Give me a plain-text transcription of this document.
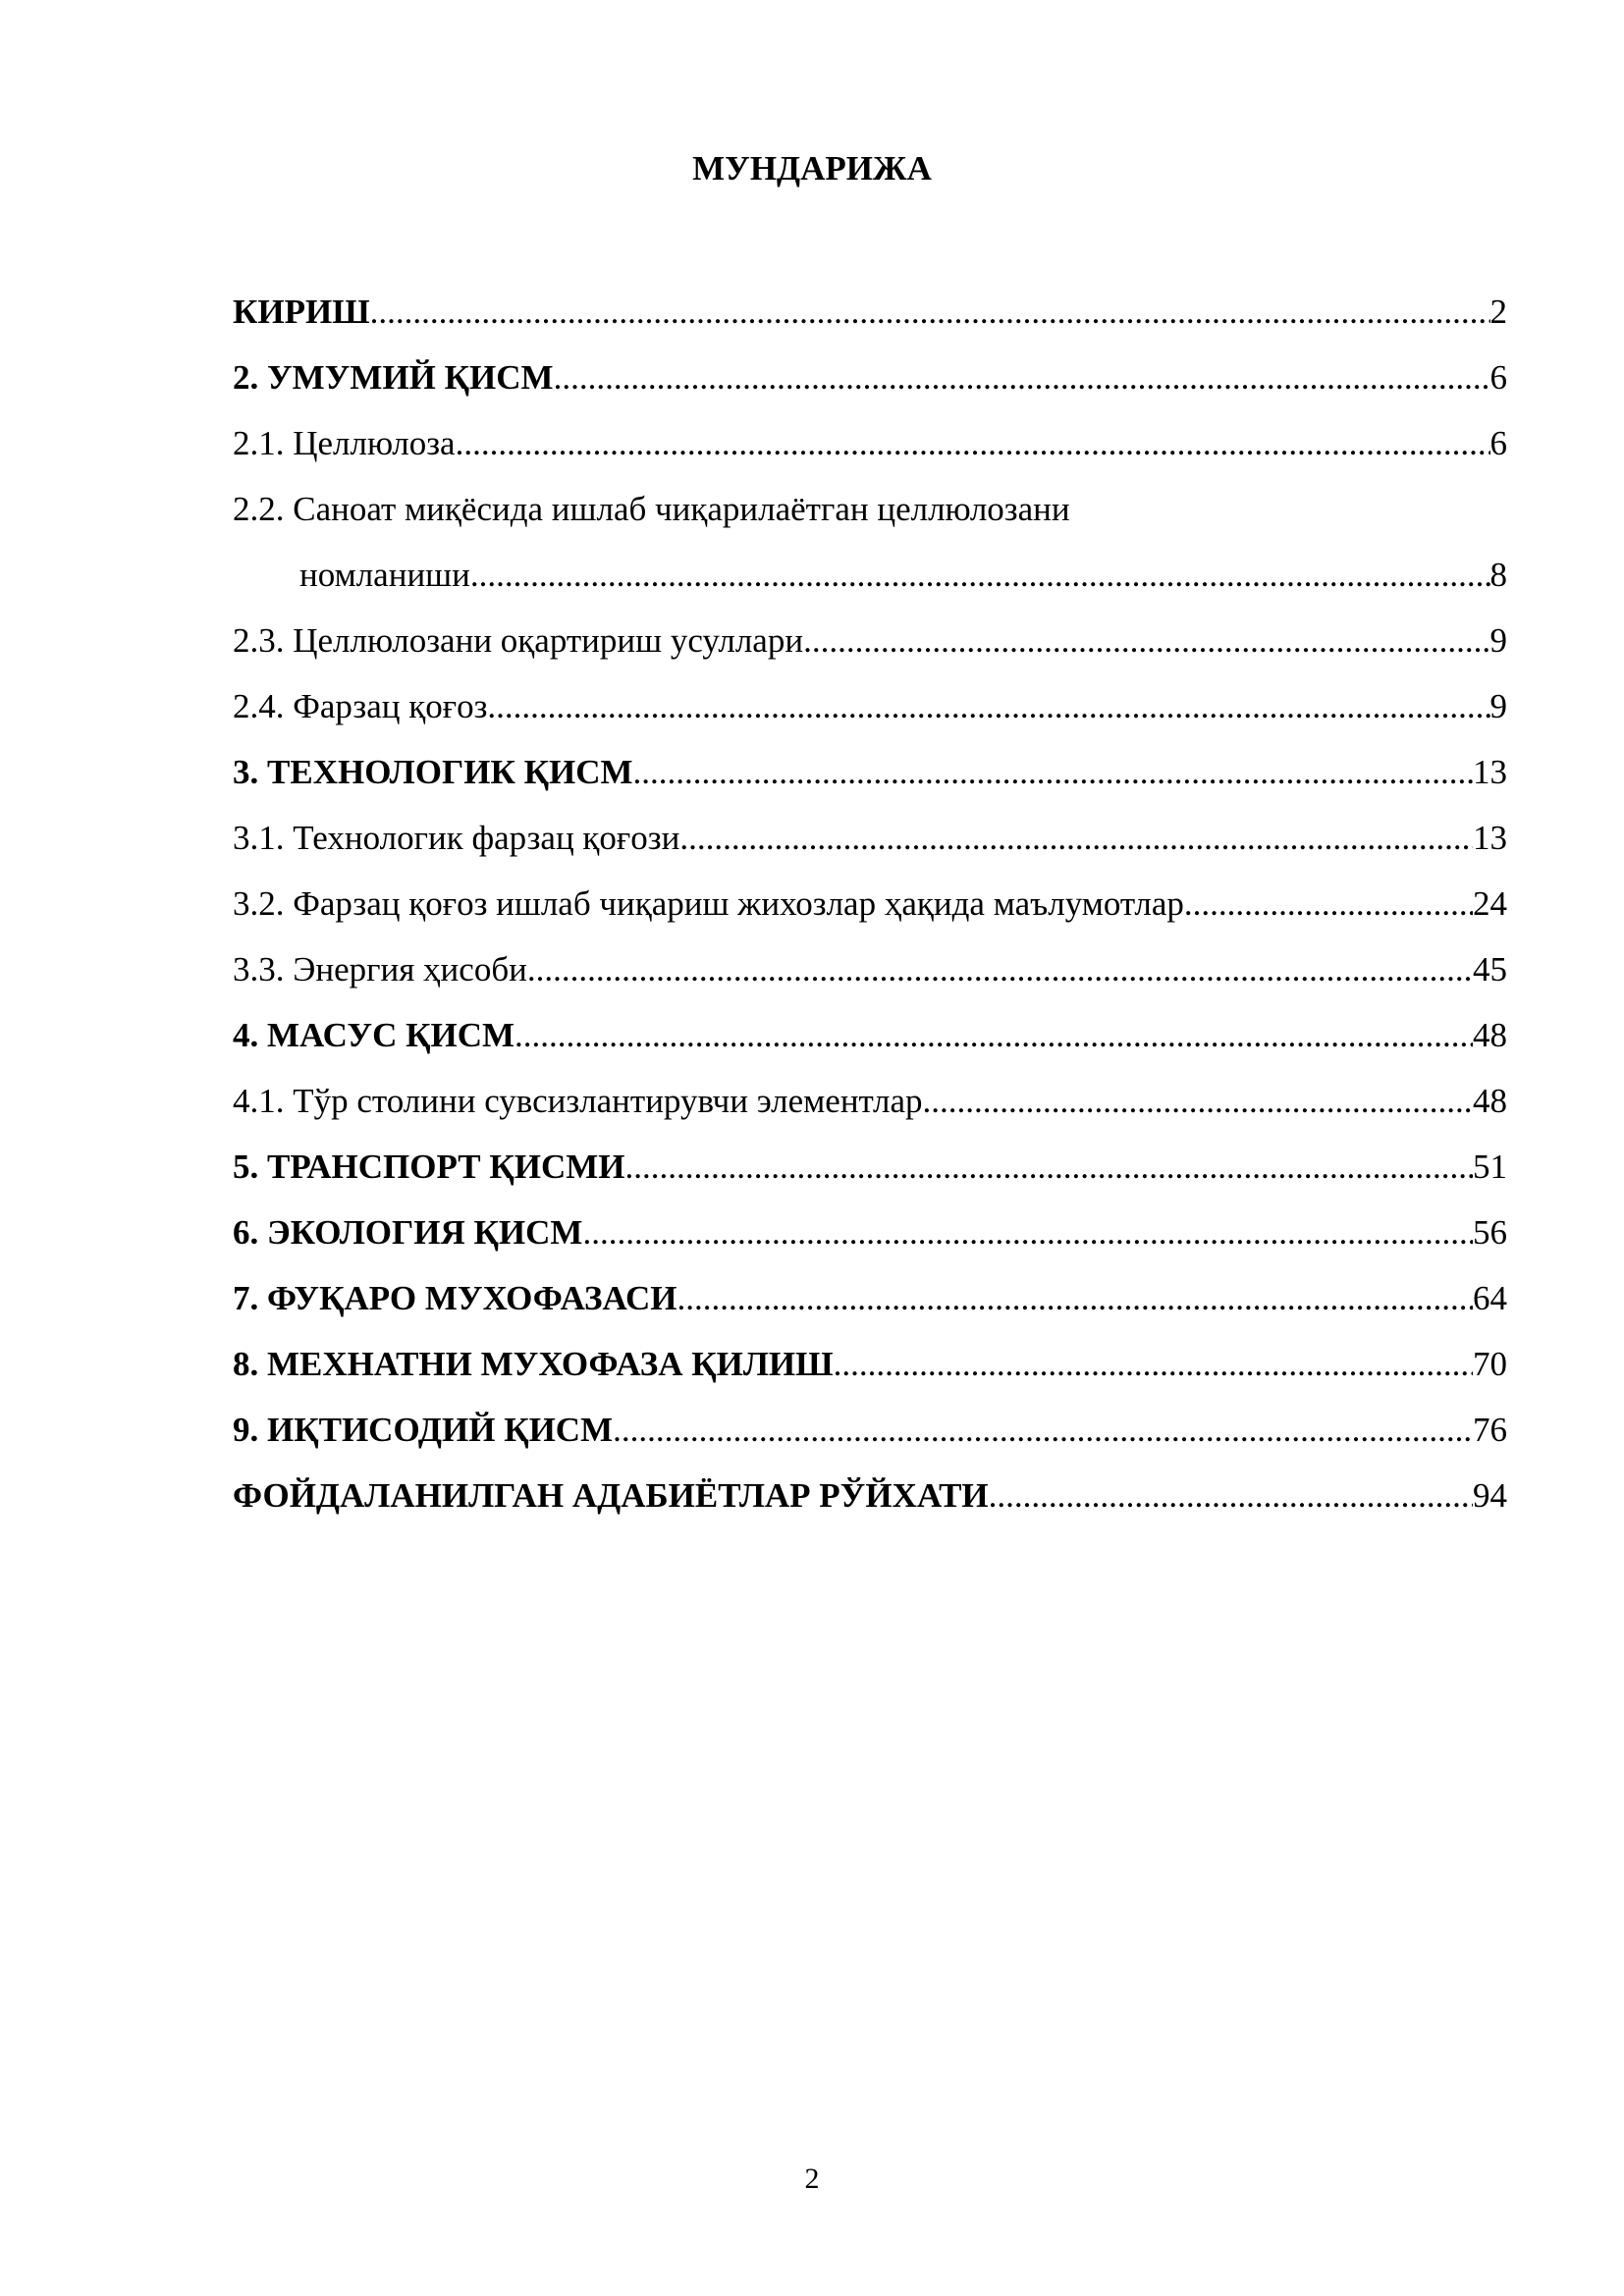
МУНДАРИЖА
КИРИШ .....	2
2. УМУМИЙ ҚИСМ .....	6
2.1. Целлюлоза .....	6
2.2. Саноат миқёсида ишлаб чиқарилаётган целлюлозани
номланиши .....	8
2.3. Целлюлозани оқартириш усуллари .....	9
2.4. Фарзац қоғоз .....	9
3. ТЕХНОЛОГИК ҚИСМ .....	13
3.1. Технологик фарзац қоғози .....	13
3.2. Фарзац қоғоз ишлаб чиқариш жихозлар ҳақида маълумотлар .....	24
3.3. Энергия ҳисоби .....	45
4. МАСУС ҚИСМ .....	48
4.1. Тўр столини сувсизлантирувчи элементлар .....	48
5. ТРАНСПОРТ ҚИСМИ .....	51
6. ЭКОЛОГИЯ ҚИСМ .....	56
7. ФУҚАРО МУХОФАЗАСИ .....	64
8. МЕХНАТНИ МУХОФАЗА ҚИЛИШ .....	70
9. ИҚТИСОДИЙ ҚИСМ .....	76
ФОЙДАЛАНИЛГАН АДАБИЁТЛАР РЎЙХАТИ .....	94
2
